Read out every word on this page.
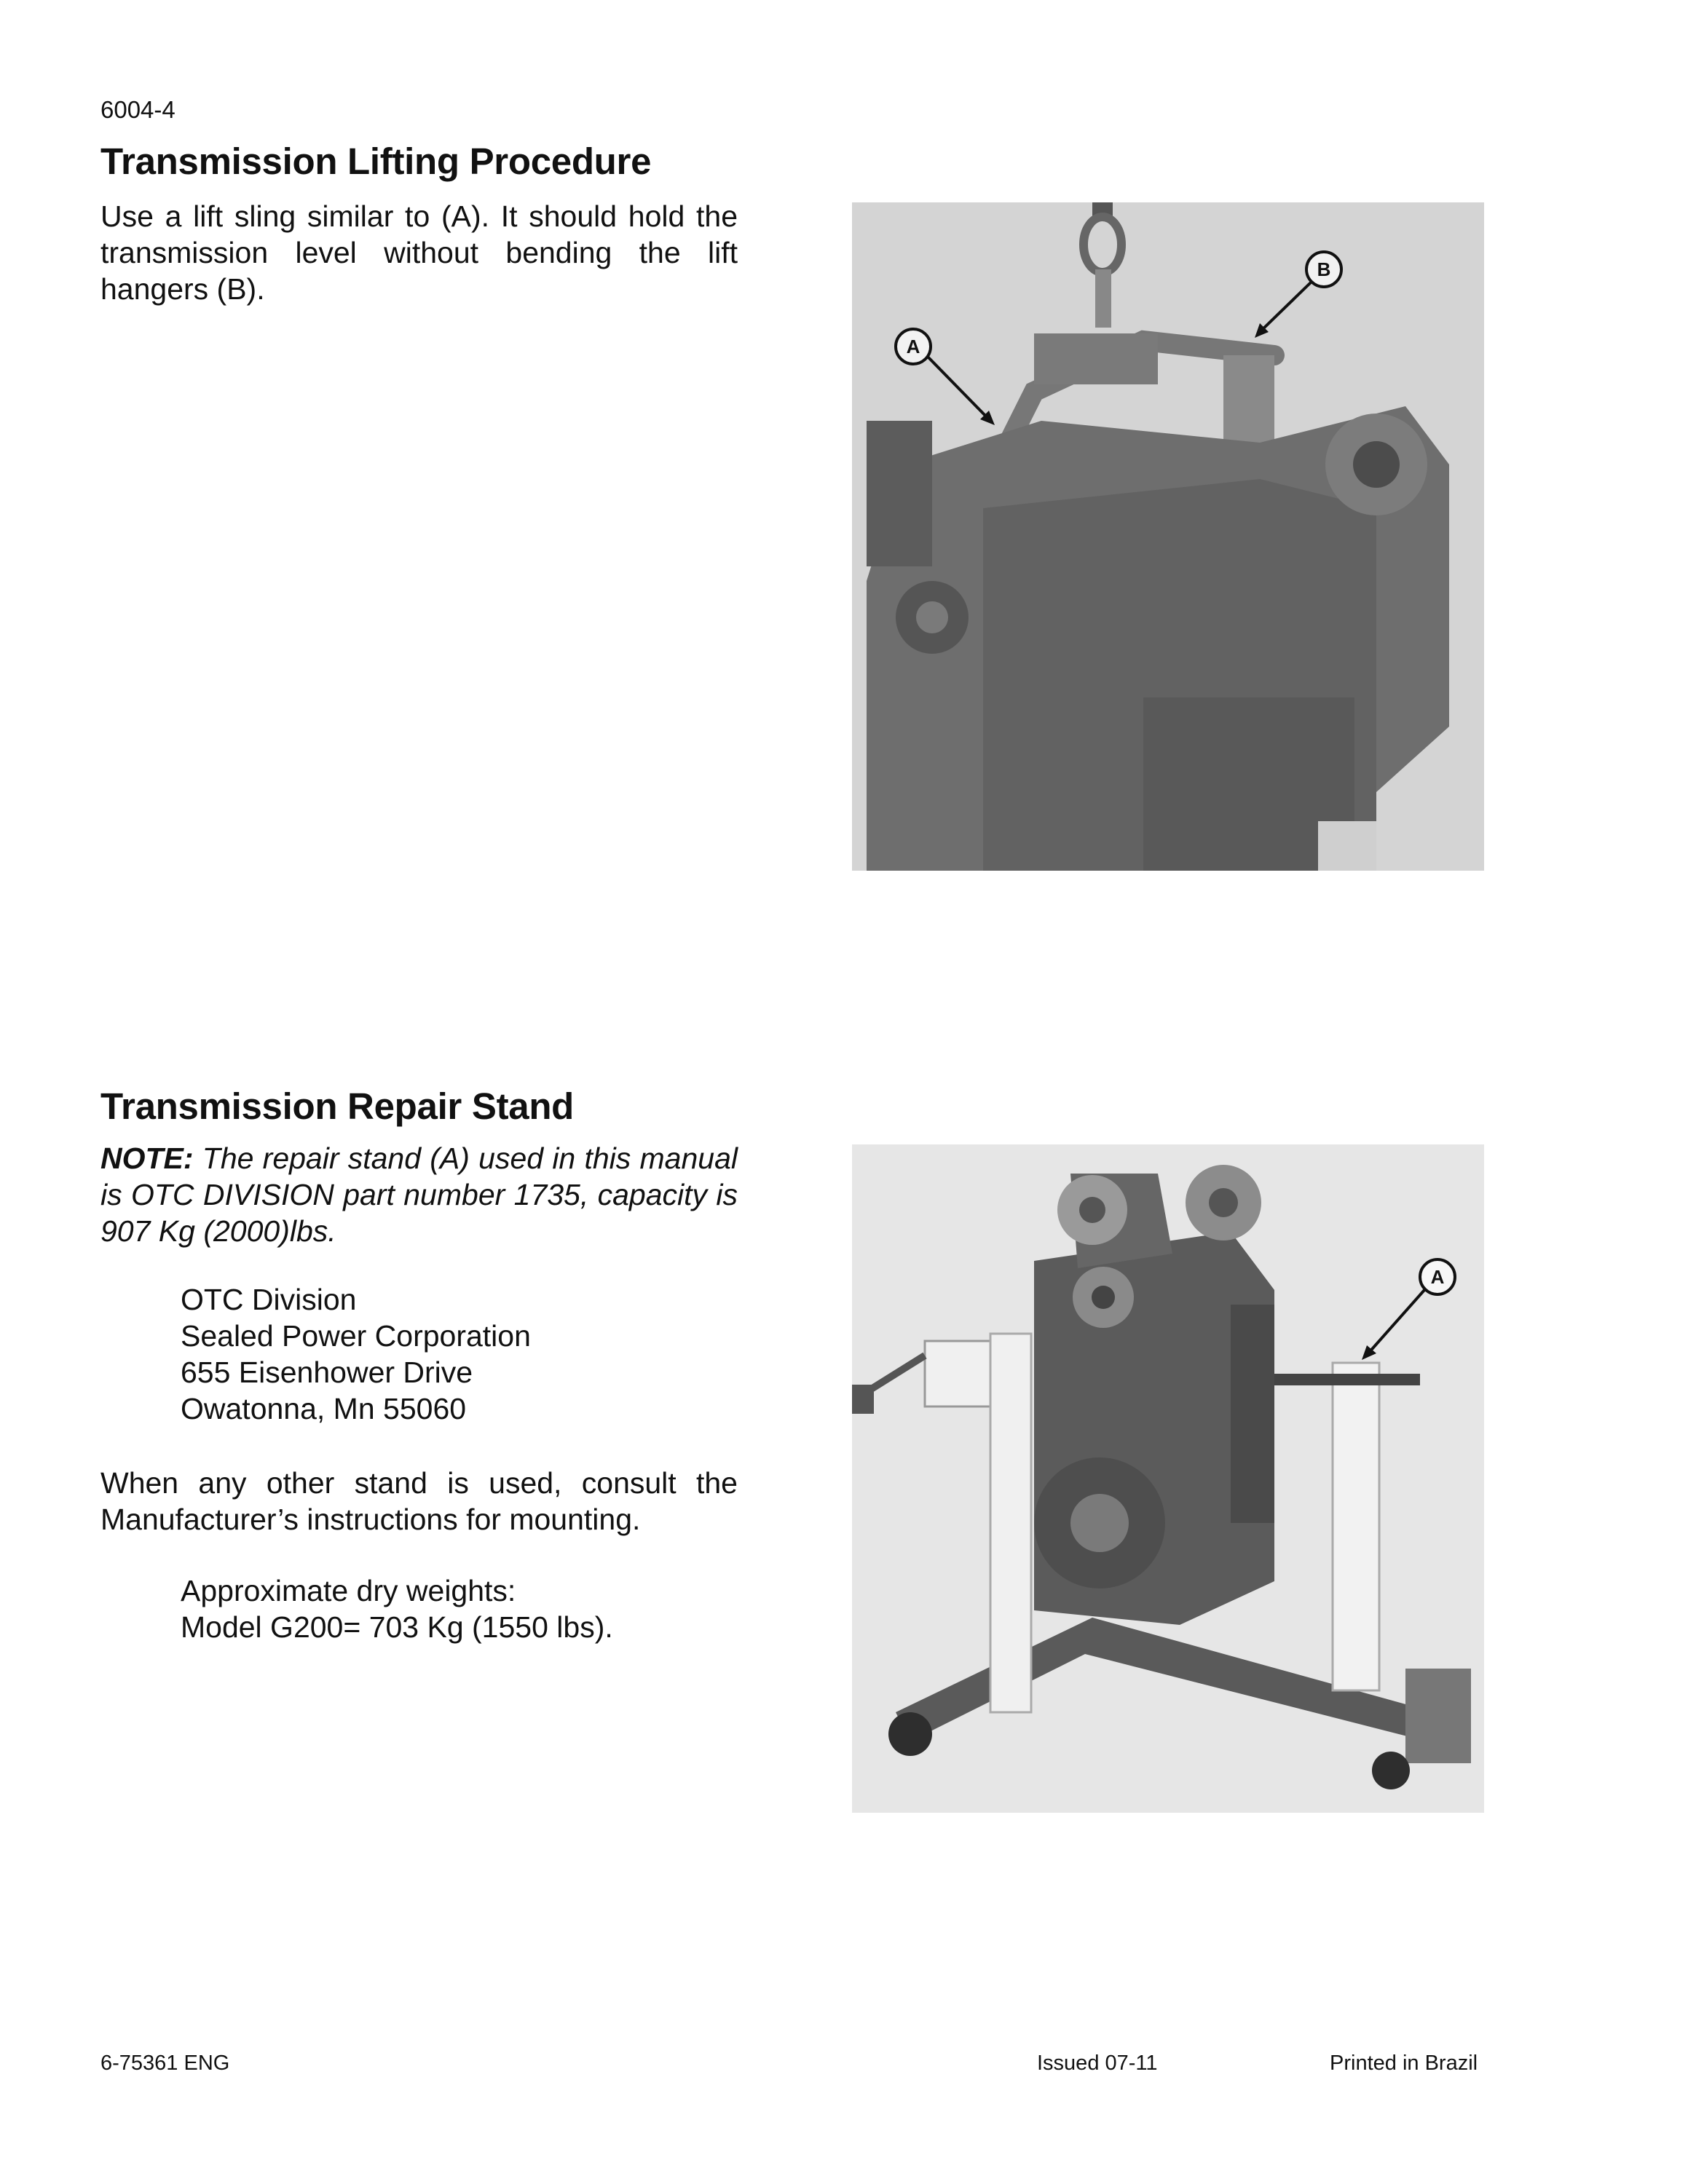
6004-4
Transmission Lifting Procedure
Use a lift sling similar to (A). It should hold the transmission level without bending the lift hangers (B).
A
B
Transmission Repair Stand
NOTE: The repair stand (A) used in this manual is OTC DIVISION part number 1735, capacity is 907 Kg (2000)lbs.
OTC Division
Sealed Power Corporation
655 Eisenhower Drive
Owatonna, Mn 55060
When any other stand is used, consult the Manufacturer’s instructions for mounting.
Approximate dry weights:
Model G200= 703 Kg (1550 lbs).
A
6-75361 ENG	Issued 07-11	Printed in Brazil
